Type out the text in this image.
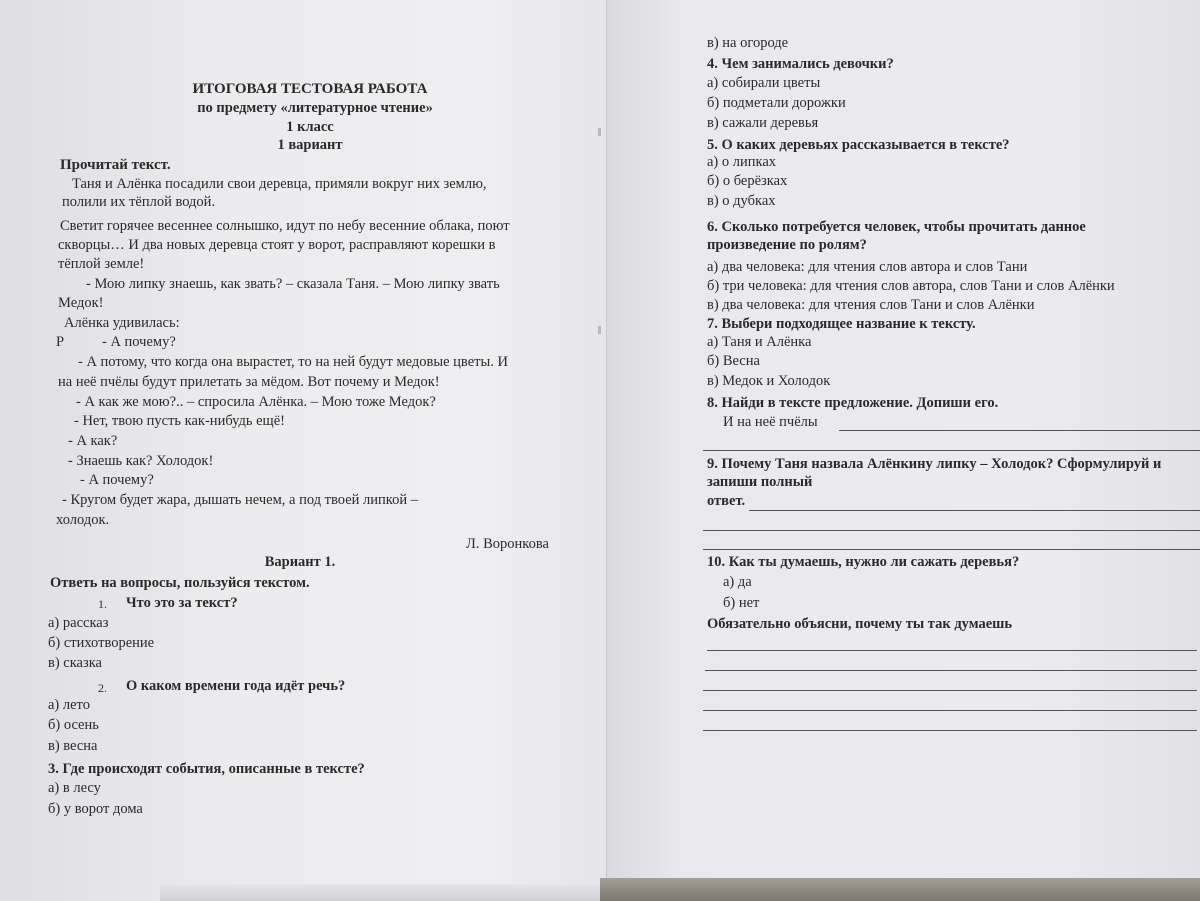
ИТОГОВАЯ ТЕСТОВАЯ РАБОТА
по предмету «литературное чтение»
1 класс
1 вариант
Прочитай текст.
Таня и Алёнка посадили свои деревца, примяли вокруг них землю,
полили их тёплой водой.
Светит горячее весеннее солнышко, идут по небу весенние облака, поют
скворцы… И два новых деревца стоят у ворот, расправляют корешки в
тёплой земле!
- Мою липку знаешь, как звать? – сказала Таня. – Мою липку звать
Медок!
Алёнка удивилась:
Р	- А почему?
- А потому, что когда она вырастет, то на ней будут медовые цветы. И
на неё пчёлы будут прилетать за мёдом. Вот почему и Медок!
- А как же мою?.. – спросила Алёнка. – Мою тоже Медок?
- Нет, твою пусть как-нибудь ещё!
- А как?
- Знаешь как? Холодок!
- А почему?
- Кругом будет жара, дышать нечем, а под твоей липкой –
холодок.
Л. Воронкова
Вариант 1.
Ответь на вопросы, пользуйся текстом.
1. Что это за текст?
а) рассказ
б) стихотворение
в) сказка
2. О каком времени года идёт речь?
а) лето
б) осень
в) весна
3. Где происходят события, описанные в тексте?
а) в лесу
б) у ворот дома
в) на огороде
4. Чем занимались девочки?
а) собирали цветы
б) подметали дорожки
в) сажали деревья
5. О каких деревьях рассказывается в тексте?
а) о липках
б) о берёзках
в) о дубках
6. Сколько потребуется человек, чтобы прочитать данное
произведение по ролям?
а) два человека: для чтения слов автора и слов Тани
б) три человека: для чтения слов автора, слов Тани и слов Алёнки
в) два человека: для чтения слов Тани и слов Алёнки
7. Выбери подходящее название к тексту.
а) Таня и Алёнка
б) Весна
в) Медок и Холодок
8. Найди в тексте предложение. Допиши его.
И на неё пчёлы
9. Почему Таня назвала Алёнкину липку – Холодок? Сформулируй и
запиши полный
ответ.
10. Как ты думаешь, нужно ли сажать деревья?
а) да
б) нет
Обязательно объясни, почему ты так думаешь
